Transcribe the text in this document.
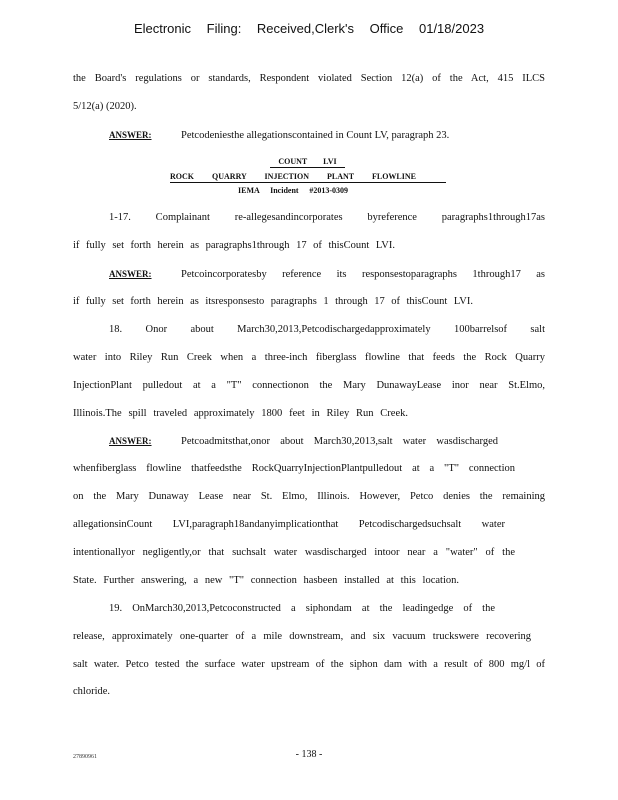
Electronic Filing: Received,Clerk's Office 01/18/2023
the Board's regulations or standards, Respondent violated Section 12(a) of the Act, 415 ILCS
5/12(a) (2020).
ANSWER:	Petcodeniesthe allegationscontained in Count LV, paragraph 23.
COUNT LVI
ROCK QUARRY INJECTION PLANT FLOWLINE
IEMA Incident #2013-0309
1-17. Complainant re-allegesandincorporates byreference paragraphs1through17as
if fully set forth herein as paragraphs1through 17 of thisCount LVI.
ANSWER:	Petcoincorporatesby reference its responsestoparagraphs 1through17 as
if fully set forth herein as itsresponsesto paragraphs 1 through 17 of thisCount LVI.
18. Onor about March30,2013,Petcodischargedapproximately 100barrelsof salt
water into Riley Run Creek when a three-inch fiberglass flowline that feeds the Rock Quarry
InjectionPlant pulledout at a "T" connectionon the Mary DunawayLease inor near St.Elmo,
Illinois.The spill traveled approximately 1800 feet in Riley Run Creek.
ANSWER:	Petcoadmitsthat,onor about March30,2013,salt water wasdischarged
whenfiberglass flowline thatfeedsthe RockQuarryInjectionPlantpulledout at a "T" connection
on the Mary Dunaway Lease near St. Elmo, Illinois. However, Petco denies the remaining
allegationsinCount LVI,paragraph18andanyimplicationthat Petcodischargedsuchsalt water
intentionallyor negligently,or that suchsalt water wasdischarged intoor near a "water" of the
State. Further answering, a new "T" connection hasbeen installed at this location.
19. OnMarch30,2013,Petcoconstructed a siphondam at the leadingedge of the
release, approximately one-quarter of a mile downstream, and six vacuum truckswere recovering
salt water. Petco tested the surface water upstream of the siphon dam with a result of 800 mg/l of
chloride.
27890961	- 138 -
